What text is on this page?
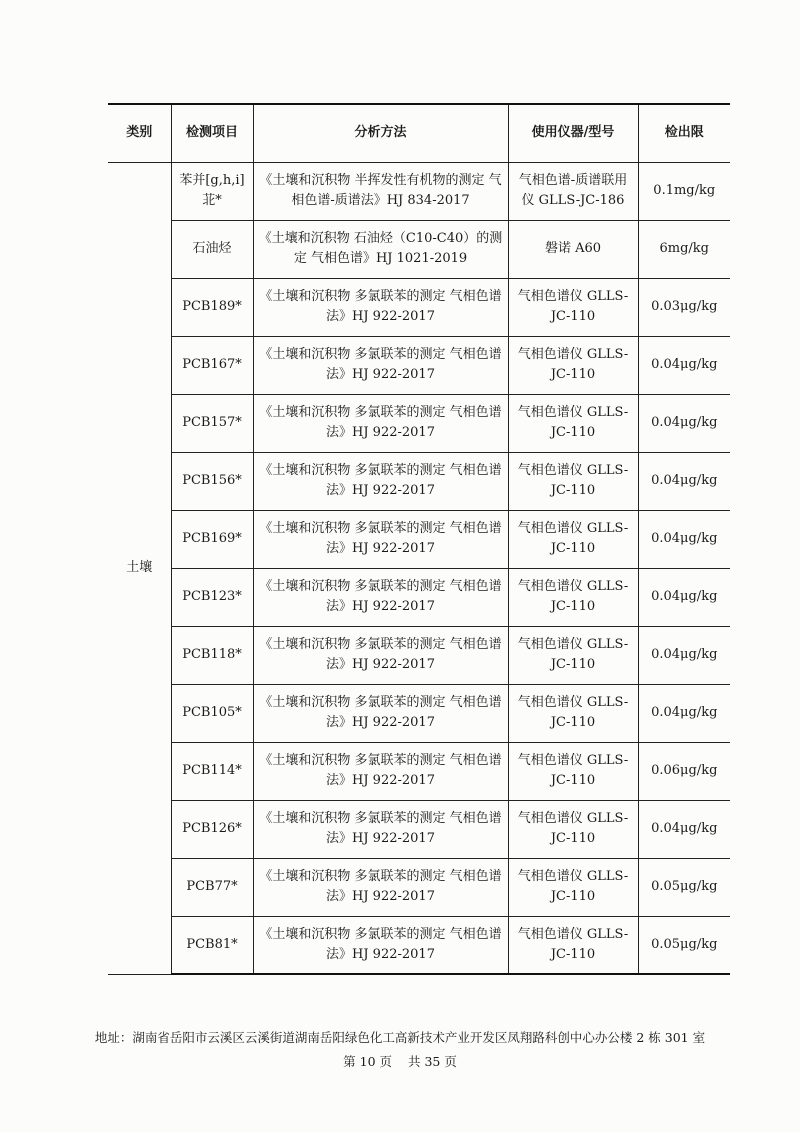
类别	检测项目	分析方法	使用仪器/型号	检出限
土壤	苯并[g,h,i]苝*	《土壤和沉积物 半挥发性有机物的测定 气相色谱-质谱法》HJ 834-2017	气相色谱-质谱联用仪 GLLS-JC-186	0.1mg/kg
	石油烃	《土壤和沉积物 石油烃（C10-C40）的测定 气相色谱》HJ 1021-2019	磐诺 A60	6mg/kg
	PCB189*	《土壤和沉积物 多氯联苯的测定 气相色谱法》HJ 922-2017	气相色谱仪 GLLS-JC-110	0.03μg/kg
	PCB167*	《土壤和沉积物 多氯联苯的测定 气相色谱法》HJ 922-2017	气相色谱仪 GLLS-JC-110	0.04μg/kg
	PCB157*	《土壤和沉积物 多氯联苯的测定 气相色谱法》HJ 922-2017	气相色谱仪 GLLS-JC-110	0.04μg/kg
	PCB156*	《土壤和沉积物 多氯联苯的测定 气相色谱法》HJ 922-2017	气相色谱仪 GLLS-JC-110	0.04μg/kg
	PCB169*	《土壤和沉积物 多氯联苯的测定 气相色谱法》HJ 922-2017	气相色谱仪 GLLS-JC-110	0.04μg/kg
	PCB123*	《土壤和沉积物 多氯联苯的测定 气相色谱法》HJ 922-2017	气相色谱仪 GLLS-JC-110	0.04μg/kg
	PCB118*	《土壤和沉积物 多氯联苯的测定 气相色谱法》HJ 922-2017	气相色谱仪 GLLS-JC-110	0.04μg/kg
	PCB105*	《土壤和沉积物 多氯联苯的测定 气相色谱法》HJ 922-2017	气相色谱仪 GLLS-JC-110	0.04μg/kg
	PCB114*	《土壤和沉积物 多氯联苯的测定 气相色谱法》HJ 922-2017	气相色谱仪 GLLS-JC-110	0.06μg/kg
	PCB126*	《土壤和沉积物 多氯联苯的测定 气相色谱法》HJ 922-2017	气相色谱仪 GLLS-JC-110	0.04μg/kg
	PCB77*	《土壤和沉积物 多氯联苯的测定 气相色谱法》HJ 922-2017	气相色谱仪 GLLS-JC-110	0.05μg/kg
	PCB81*	《土壤和沉积物 多氯联苯的测定 气相色谱法》HJ 922-2017	气相色谱仪 GLLS-JC-110	0.05μg/kg
地址：湖南省岳阳市云溪区云溪街道湖南岳阳绿色化工高新技术产业开发区凤翔路科创中心办公楼 2 栋 301 室
第 10 页 共 35 页
